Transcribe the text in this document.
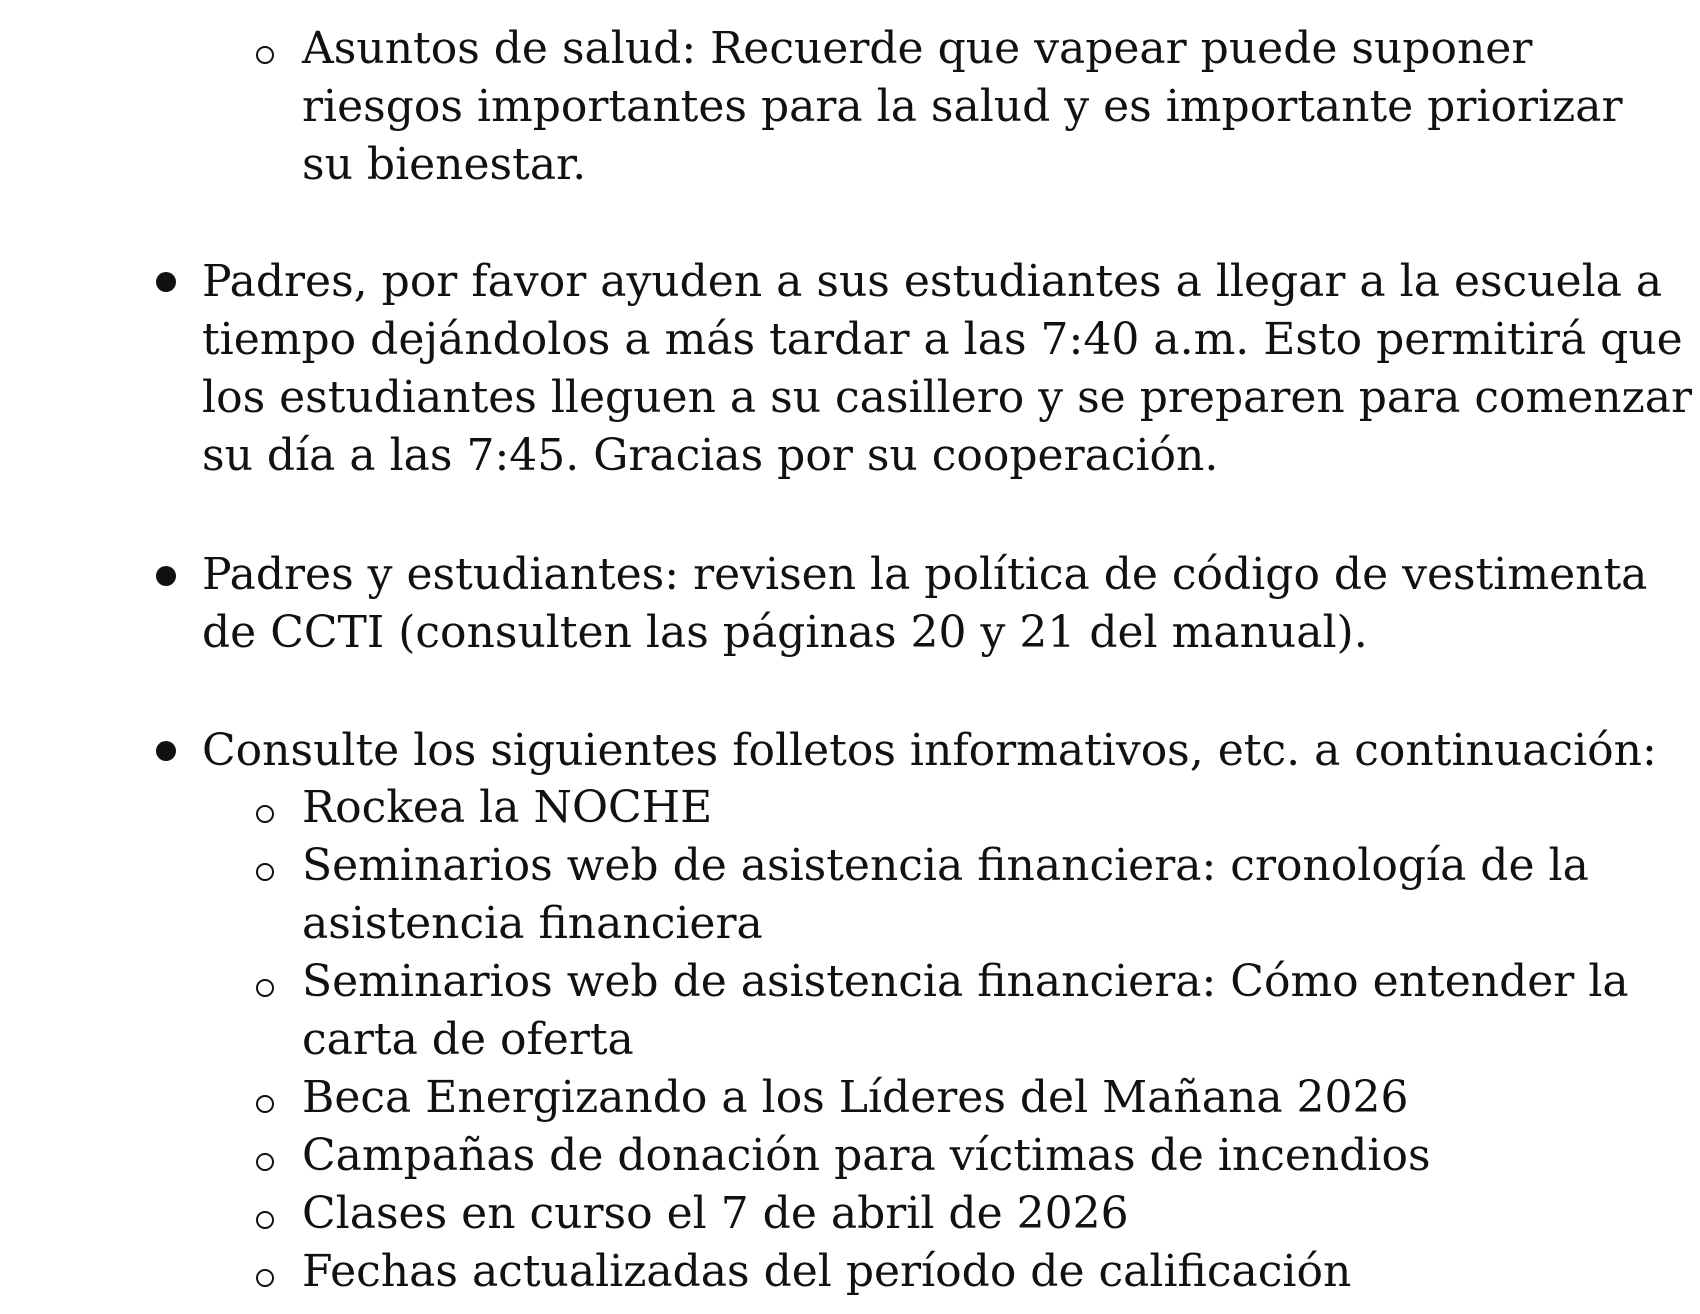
Asuntos de salud: Recuerde que vapear puede suponer

riesgos importantes para la salud y es importante priorizar

su bienestar.

Padres, por favor ayuden a sus estudiantes a llegar a la escuela a

tiempo dejándolos a más tardar a las 7:40 a.m. Esto permitirá que

los estudiantes lleguen a su casillero y se preparen para comenzar

su día a las 7:45. Gracias por su cooperación.

Padres y estudiantes: revisen la política de código de vestimenta

de CCTI (consulten las páginas 20 y 21 del manual).

Consulte los siguientes folletos informativos, etc. a continuación:

Rockea la NOCHE

Seminarios web de asistencia financiera: cronología de la

asistencia financiera

Seminarios web de asistencia financiera: Cómo entender la

carta de oferta

Beca Energizando a los Líderes del Mañana 2026

Campañas de donación para víctimas de incendios

Clases en curso el 7 de abril de 2026

Fechas actualizadas del período de calificación
